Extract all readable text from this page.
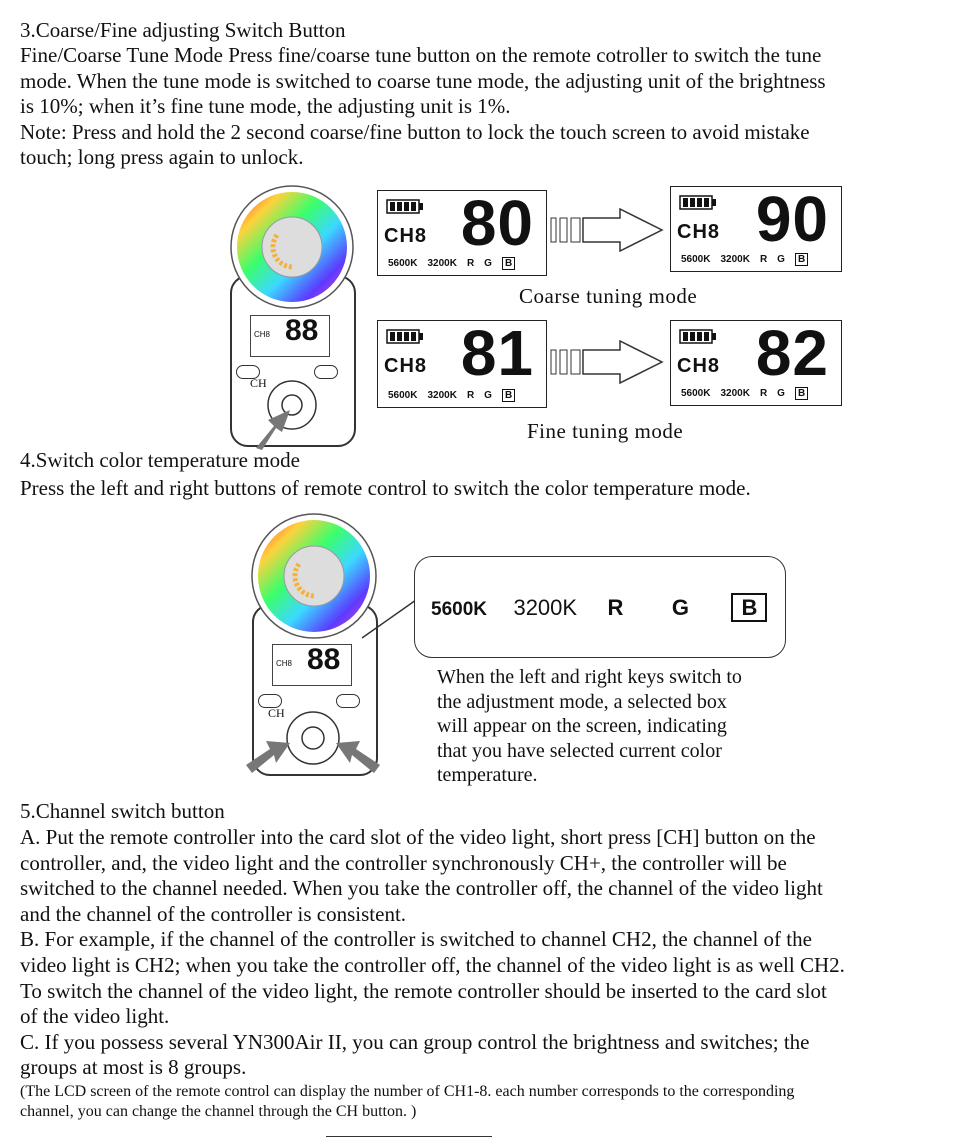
3.Coarse/Fine adjusting Switch Button
Fine/Coarse Tune Mode Press fine/coarse tune button on the remote cotroller to switch the tune
mode. When the tune mode is switched to coarse tune mode, the adjusting unit of the brightness
is 10%; when it’s fine tune mode, the adjusting unit is 1%.
Note: Press and hold the 2 second coarse/fine button to lock the touch screen to avoid mistake
touch; long press again to unlock.
CH8 88
CH
CH8 80
5600K 3200K R G B
CH8 90
5600K 3200K R G B
Coarse tuning mode
CH8 81
5600K 3200K R G B
CH8 82
5600K 3200K R G B
Fine tuning mode
4.Switch color temperature mode
Press the left and right buttons of remote control to switch the color temperature mode.
CH8 88
CH
5600K 3200K R G B
When the left and right keys switch to
the adjustment mode, a selected box
will appear on the screen, indicating
that you have selected current color
temperature.
5.Channel switch button
A. Put the remote controller into the card slot of the video light, short press [CH] button on the
controller, and, the video light and the controller synchronously CH+, the controller will be
switched to the channel needed. When you take the controller off, the channel of the video light
and the channel of the controller is consistent.
B. For example, if the channel of the controller is switched to channel CH2, the channel of the
video light is CH2; when you take the controller off, the channel of the video light is as well CH2.
To switch the channel of the video light, the remote controller should be inserted to the card slot
of the video light.
C. If you possess several YN300Air II, you can group control the brightness and switches; the
groups at most is 8 groups.
(The LCD screen of the remote control can display the number of CH1-8. each number corresponds to the corresponding
channel, you can change the channel through the CH button. )
